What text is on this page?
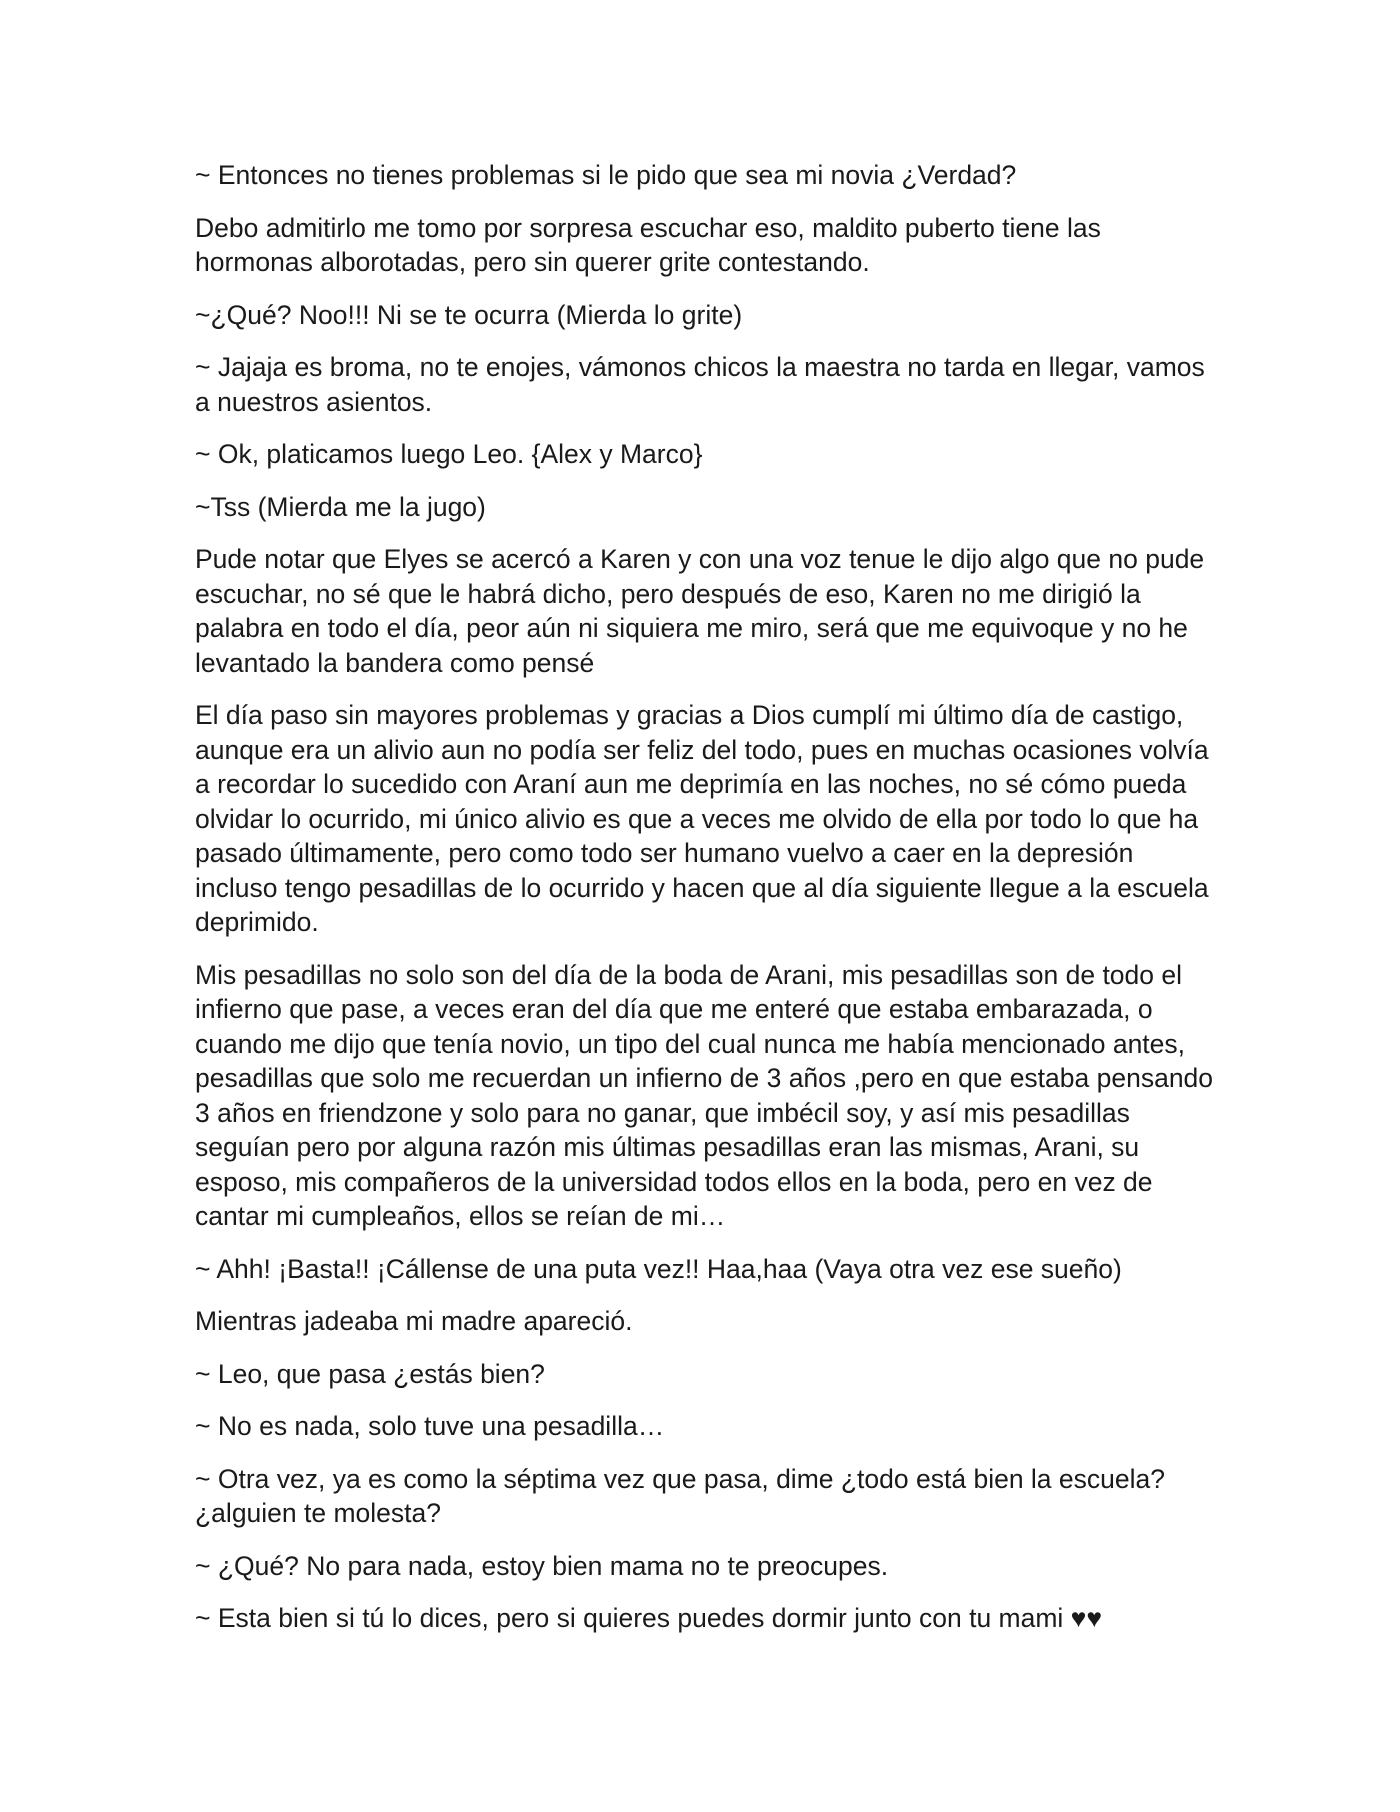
~ Entonces no tienes problemas si le pido que sea mi novia ¿Verdad?

Debo admitirlo me tomo por sorpresa escuchar eso, maldito puberto tiene las hormonas alborotadas, pero sin querer grite contestando.

~¿Qué? Noo!!! Ni se te ocurra (Mierda lo grite)

~ Jajaja es broma, no te enojes, vámonos chicos la maestra no tarda en llegar, vamos a nuestros asientos.

~ Ok, platicamos luego Leo. {Alex y Marco}

~Tss (Mierda me la jugo)

Pude notar que Elyes se acercó a Karen y con una voz tenue le dijo algo que no pude escuchar, no sé que le habrá dicho, pero después de eso, Karen no me dirigió la palabra en todo el día, peor aún ni siquiera me miro, será que me equivoque y no he levantado la bandera como pensé

El día paso sin mayores problemas y gracias a Dios cumplí mi último día de castigo, aunque era un alivio aun no podía ser feliz del todo, pues en muchas ocasiones volvía a recordar lo sucedido con Araní aun me deprimía en las noches, no sé cómo pueda olvidar lo ocurrido, mi único alivio es que a veces me olvido de ella por todo lo que ha pasado últimamente, pero como todo ser humano vuelvo a caer en la depresión incluso tengo pesadillas de lo ocurrido y hacen que al día siguiente llegue a la escuela deprimido.

Mis pesadillas no solo son del día de la boda de Arani, mis pesadillas son de todo el infierno que pase, a veces eran del día que me enteré que estaba embarazada, o cuando me dijo que tenía novio, un tipo del cual nunca me había mencionado antes, pesadillas que solo me recuerdan un infierno de 3 años ,pero en que estaba pensando 3 años en friendzone y solo para no ganar, que imbécil soy, y así mis pesadillas seguían pero por alguna razón mis últimas pesadillas eran las mismas, Arani, su esposo, mis compañeros de la universidad todos ellos en la boda, pero en vez de cantar mi cumpleaños, ellos se reían de mi…

~ Ahh! ¡Basta!! ¡Cállense de una puta vez!! Haa,haa (Vaya otra vez ese sueño)

Mientras jadeaba mi madre apareció.

~ Leo, que pasa ¿estás bien?

~ No es nada, solo tuve una pesadilla…

~ Otra vez, ya es como la séptima vez que pasa, dime ¿todo está bien la escuela? ¿alguien te molesta?

~ ¿Qué? No para nada, estoy bien mama no te preocupes.

~ Esta bien si tú lo dices, pero si quieres puedes dormir junto con tu mami ♥♥
